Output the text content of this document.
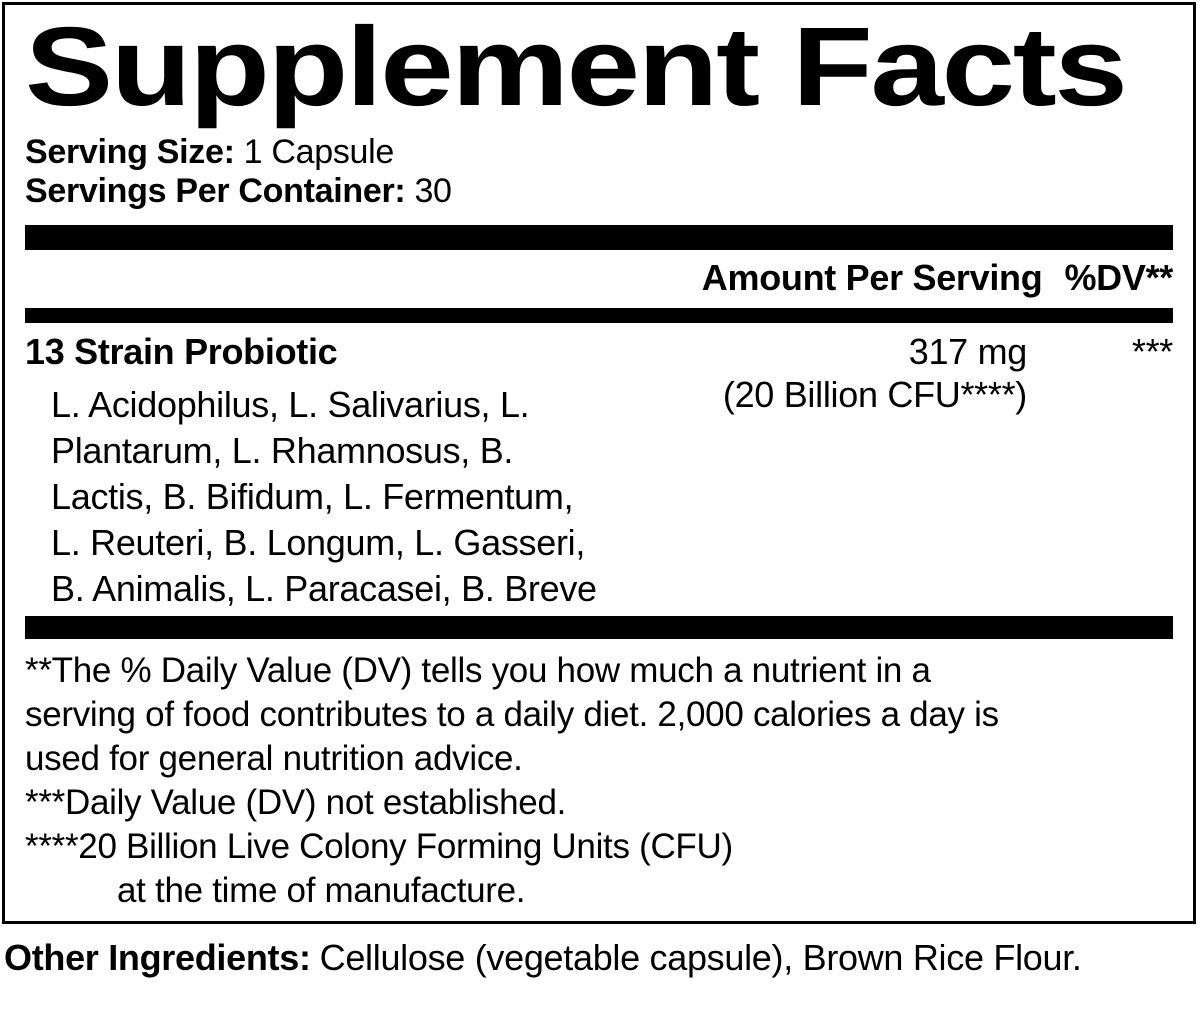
Supplement Facts
Serving Size: 1 Capsule
Servings Per Container: 30
Amount Per Serving %DV**
13 Strain Probiotic
L. Acidophilus, L. Salivarius, L.
Plantarum, L. Rhamnosus, B.
Lactis, B. Bifidum, L. Fermentum,
L. Reuteri, B. Longum, L. Gasseri,
B. Animalis, L. Paracasei, B. Breve
317 mg
(20 Billion CFU****)
***
**The % Daily Value (DV) tells you how much a nutrient in a
serving of food contributes to a daily diet. 2,000 calories a day is
used for general nutrition advice.
***Daily Value (DV) not established.
****20 Billion Live Colony Forming Units (CFU)
at the time of manufacture.
Other Ingredients: Cellulose (vegetable capsule), Brown Rice Flour.
